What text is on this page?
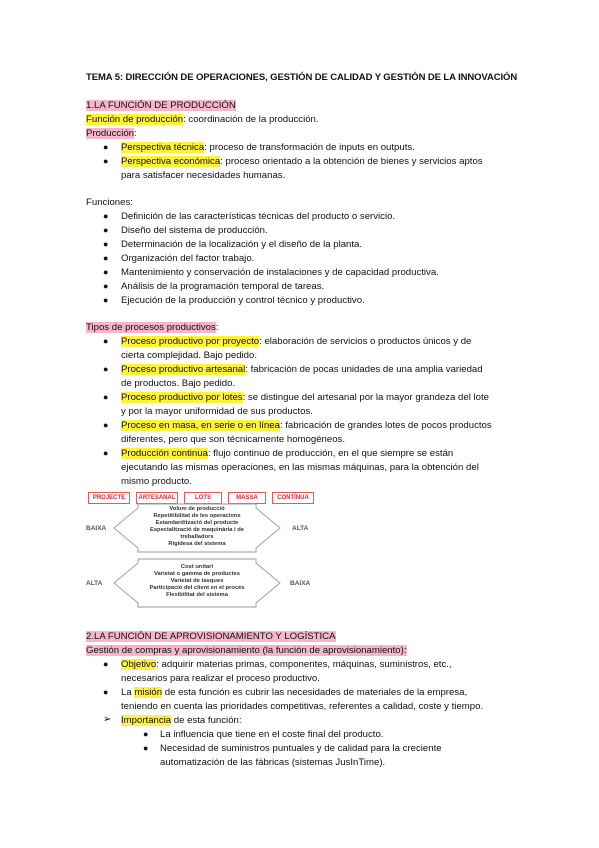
TEMA 5: DIRECCIÓN DE OPERACIONES, GESTIÓN DE CALIDAD Y GESTIÓN DE LA INNOVACIÓN
1.LA FUNCIÓN DE PRODUCCIÓN
Función de producción: coordinación de la producción.
Producción:
● Perspectiva técnica: proceso de transformación de inputs en outputs.
● Perspectiva económica: proceso orientado a la obtención de bienes y servicios aptos
para satisfacer necesidades humanas.
Funciones:
● Definición de las características técnicas del producto o servicio.
● Diseño del sistema de producción.
● Determinación de la localización y el diseño de la planta.
● Organización del factor trabajo.
● Mantenimiento y conservación de instalaciones y de capacidad productiva.
● Análisis de la programación temporal de tareas.
● Ejecución de la producción y control técnico y productivo.
Tipos de procesos productivos:
● Proceso productivo por proyecto: elaboración de servicios o productos únicos y de
cierta complejidad. Bajo pedido.
● Proceso productivo artesanal: fabricación de pocas unidades de una amplia variedad
de productos. Bajo pedido.
● Proceso productivo por lotes: se distingue del artesanal por la mayor grandeza del lote
y por la mayor uniformidad de sus productos.
● Proceso en masa, en serie o en línea: fabricación de grandes lotes de pocos productos
diferentes, pero que son técnicamente homogéneos.
● Producción continua: flujo continuo de producción, en el que siempre se están
ejecutando las mismas operaciones, en las mismas máquinas, para la obtención del
mismo producto.
PROJECTE	ARTESANAL	LOTS	MASSA	CONTÍNUA
BAIXA	ALTA
Volum de producció
Repetitibilitat de les operacions
Estandardització del producte
Especialització de maquinària i de
treballadors
Rigidesa del sistema
ALTA	BAIXA
Cost unitari
Varietat o gamma de productes
Varietat de tasques
Participació del client en el procés
Flexibilitat del sistema
2.LA FUNCIÓN DE APROVISIONAMIENTO Y LOGÍSTICA
Gestión de compras y aprovisionamiento (la función de aprovisionamiento):
● Objetivo: adquirir materias primas, componentes, máquinas, suministros, etc.,
necesarios para realizar el proceso productivo.
● La misión de esta función es cubrir las necesidades de materiales de la empresa,
teniendo en cuenta las prioridades competitivas, referentes a calidad, coste y tiempo.
➢ Importancia de esta función:
● La influencia que tiene en el coste final del producto.
● Necesidad de suministros puntuales y de calidad para la creciente
automatización de las fábricas (sistemas JusInTime).
